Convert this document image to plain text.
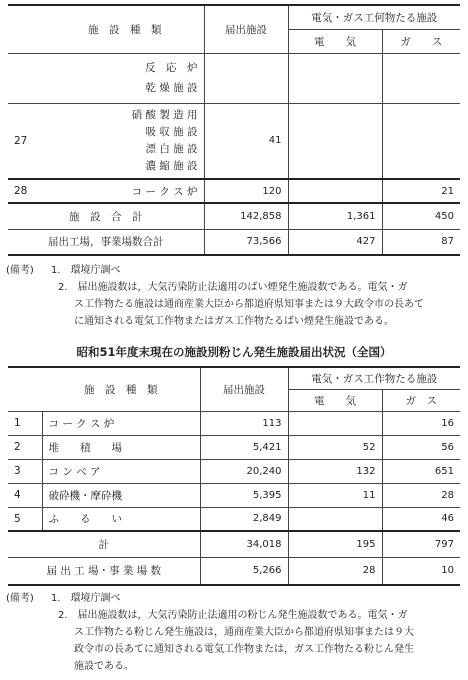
	施　設　種　類	届出施設	電気・ガス工何物たる施設	
			電　　気	ガ　　ス

	反　応　炉
乾 燥 施 設			

27	硝 酸 製 造 用
吸 収 施 設
漂 白 施 設
濃 縮 施 設	41		
28	コ ー ク ス 炉	120		21
施　設　合　計		142,858	1,361	450
届出工場，事業場数合計		73,566	427	87
(備考) 1.　環境庁調べ
2.　届出施設数は，大気汚染防止法適用のばい煙発生施設数である。電気・ガ
ス工作物たる施設は通商産業大臣から都道府県知事または９大政令市の長あて
に通知される電気工作物またはガス工作物たるばい煙発生施設である。
昭和51年度末現在の施設別粉じん発生施設届出状況（全国）
	施　設　種　類	届出施設	電気・ガス工作物たる施設	
			電　　気	ガ　ス
1	コ ー ク ス 炉	113		16
2	堆　　積　　場	5,421	52	56
3	コ ン ベ ア	20,240	132	651
4	破砕機・摩砕機	5,395	11	28
5	ふ　　る　　い	2,849		46
計		34,018	195	797
届 出 工 場・事 業 場 数		5,266	28	10
(備考) 1.　環境庁調べ
2.　届出施設数は，大気汚染防止法適用の粉じん発生施設数である。電気・ガ
ス工作物たる粉じん発生施設は，通商産業大臣から都道府県知事または９大
政令市の長あてに通知される電気工作物または，ガス工作物たる粉じん発生
施設である。
